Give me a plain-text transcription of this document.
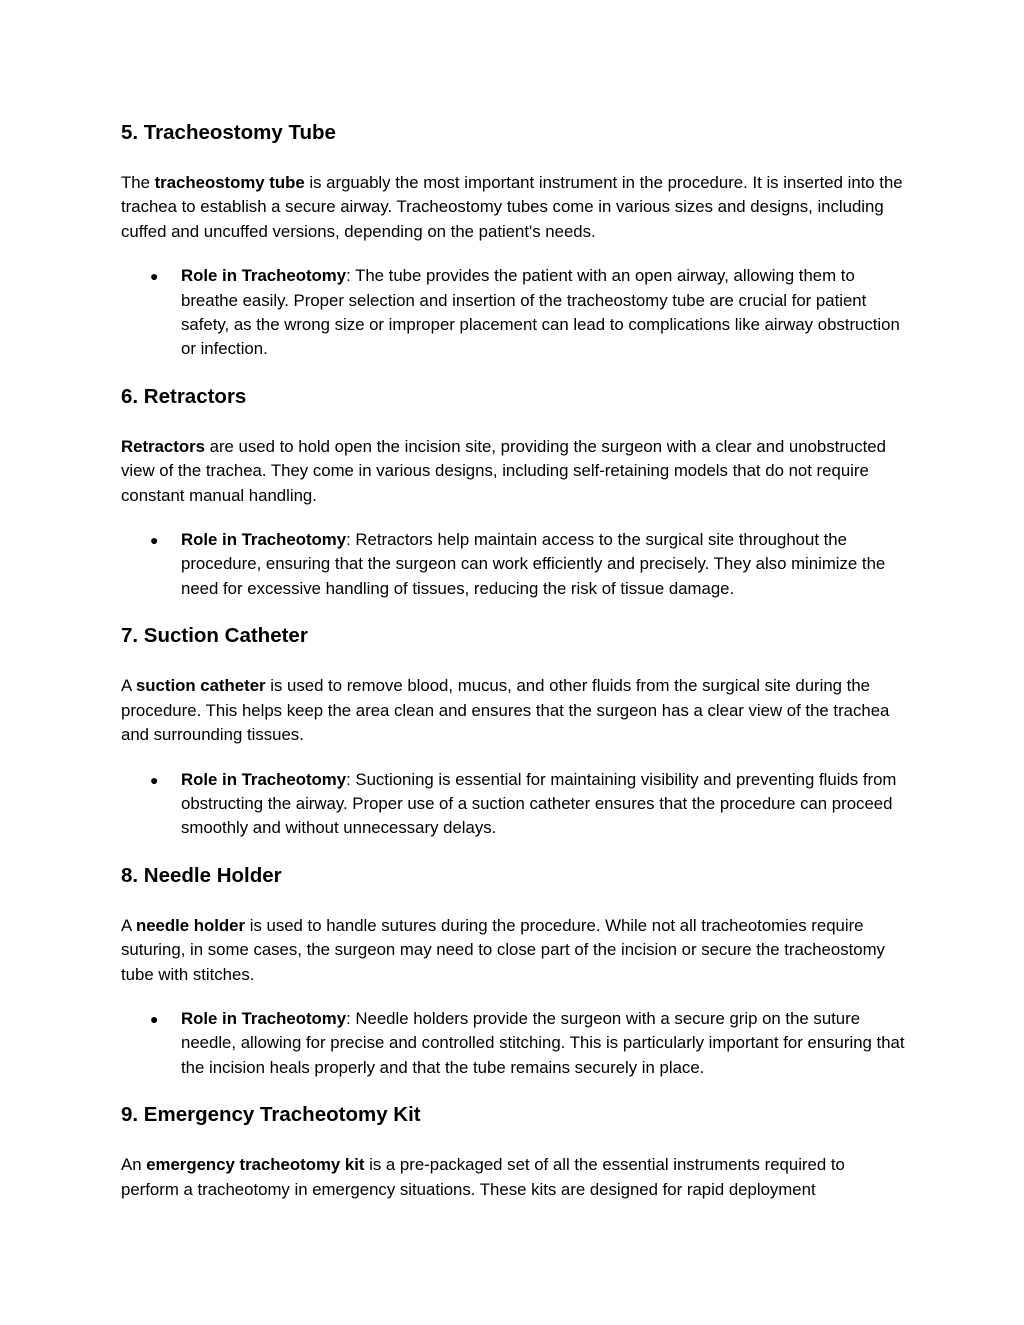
5. Tracheostomy Tube

The tracheostomy tube is arguably the most important instrument in the procedure. It is inserted into the trachea to establish a secure airway. Tracheostomy tubes come in various sizes and designs, including cuffed and uncuffed versions, depending on the patient's needs.

● Role in Tracheotomy: The tube provides the patient with an open airway, allowing them to breathe easily. Proper selection and insertion of the tracheostomy tube are crucial for patient safety, as the wrong size or improper placement can lead to complications like airway obstruction or infection.
6. Retractors

Retractors are used to hold open the incision site, providing the surgeon with a clear and unobstructed view of the trachea. They come in various designs, including self-retaining models that do not require constant manual handling.

● Role in Tracheotomy: Retractors help maintain access to the surgical site throughout the procedure, ensuring that the surgeon can work efficiently and precisely. They also minimize the need for excessive handling of tissues, reducing the risk of tissue damage.
7. Suction Catheter

A suction catheter is used to remove blood, mucus, and other fluids from the surgical site during the procedure. This helps keep the area clean and ensures that the surgeon has a clear view of the trachea and surrounding tissues.

● Role in Tracheotomy: Suctioning is essential for maintaining visibility and preventing fluids from obstructing the airway. Proper use of a suction catheter ensures that the procedure can proceed smoothly and without unnecessary delays.
8. Needle Holder

A needle holder is used to handle sutures during the procedure. While not all tracheotomies require suturing, in some cases, the surgeon may need to close part of the incision or secure the tracheostomy tube with stitches.

● Role in Tracheotomy: Needle holders provide the surgeon with a secure grip on the suture needle, allowing for precise and controlled stitching. This is particularly important for ensuring that the incision heals properly and that the tube remains securely in place.
9. Emergency Tracheotomy Kit

An emergency tracheotomy kit is a pre-packaged set of all the essential instruments required to perform a tracheotomy in emergency situations. These kits are designed for rapid deployment
